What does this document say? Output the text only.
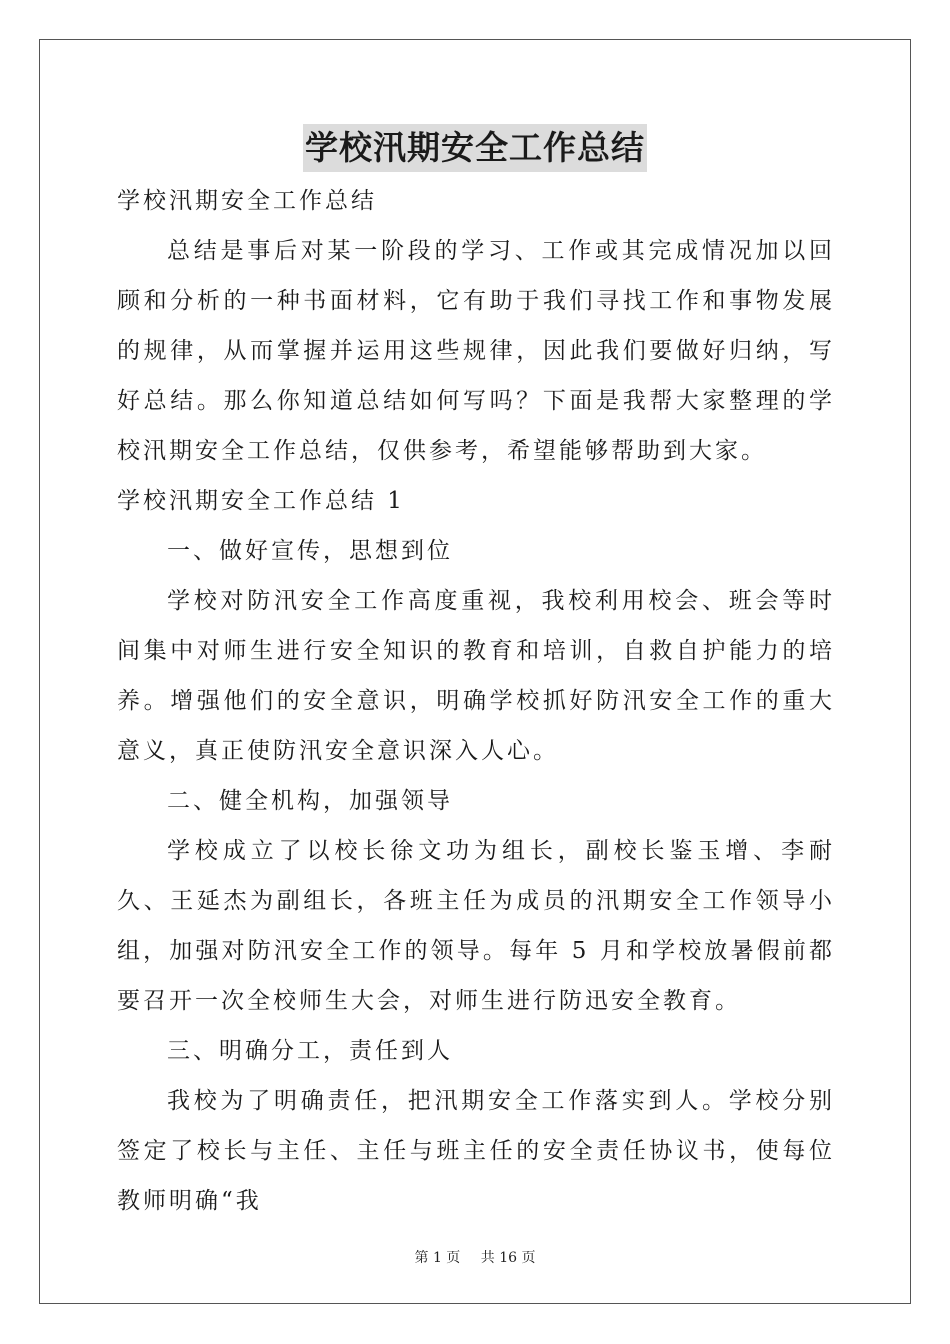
学校汛期安全工作总结

学校汛期安全工作总结

总结是事后对某一阶段的学习、工作或其完成情况加以回顾和分析的一种书面材料，它有助于我们寻找工作和事物发展的规律，从而掌握并运用这些规律，因此我们要做好归纳，写好总结。那么你知道总结如何写吗？下面是我帮大家整理的学校汛期安全工作总结，仅供参考，希望能够帮助到大家。

学校汛期安全工作总结 1

一、做好宣传，思想到位

学校对防汛安全工作高度重视，我校利用校会、班会等时间集中对师生进行安全知识的教育和培训，自救自护能力的培养。增强他们的安全意识，明确学校抓好防汛安全工作的重大意义，真正使防汛安全意识深入人心。

二、健全机构，加强领导

学校成立了以校长徐文功为组长，副校长鉴玉增、李耐久、王延杰为副组长，各班主任为成员的汛期安全工作领导小组，加强对防汛安全工作的领导。每年 5 月和学校放暑假前都要召开一次全校师生大会，对师生进行防迅安全教育。

三、明确分工，责任到人

我校为了明确责任，把汛期安全工作落实到人。学校分别签定了校长与主任、主任与班主任的安全责任协议书，使每位教师明确“我

第 1 页 共 16 页
